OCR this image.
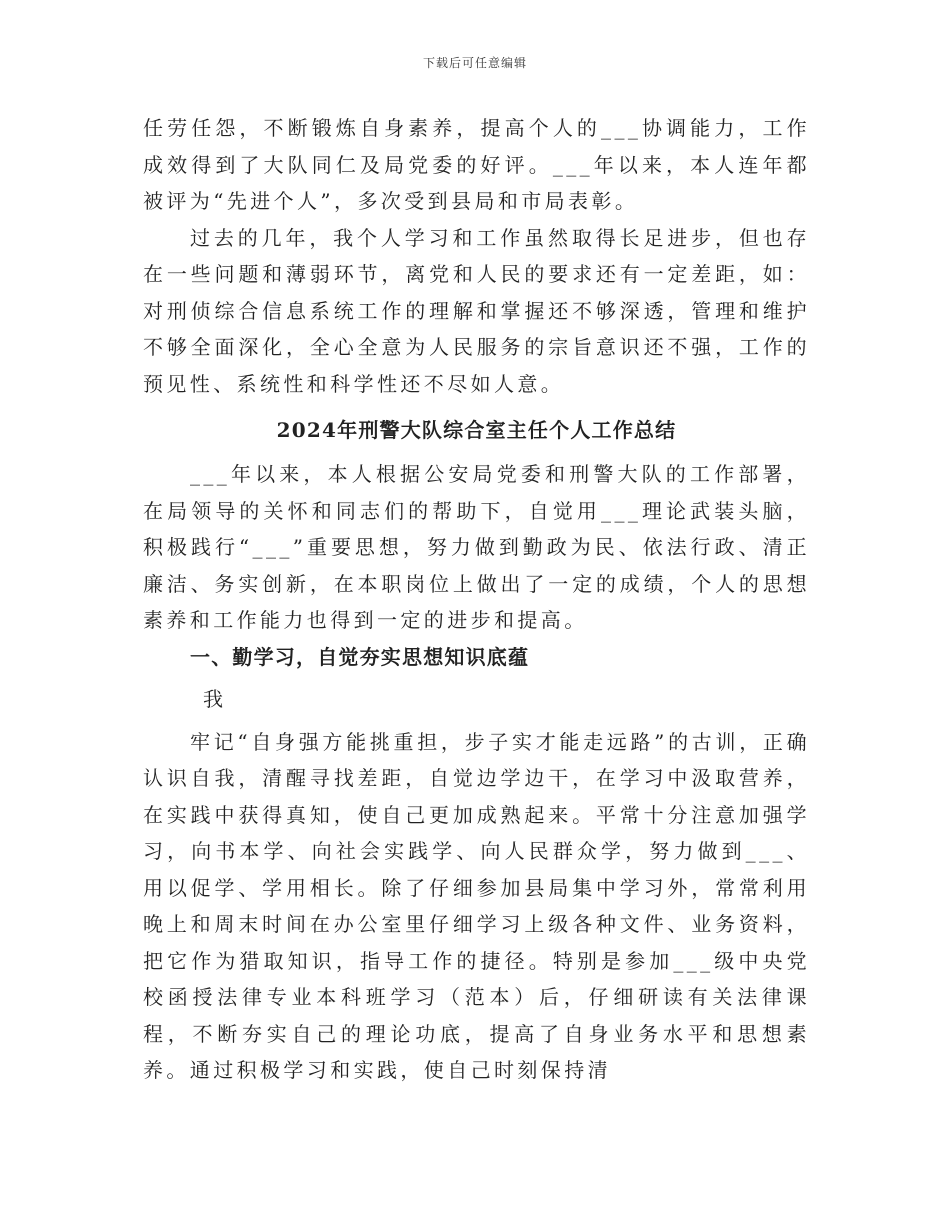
下载后可任意编辑

任劳任怨，不断锻炼自身素养，提高个人的___协调能力，工作成效得到了大队同仁及局党委的好评。___年以来，本人连年都被评为“先进个人”，多次受到县局和市局表彰。

过去的几年，我个人学习和工作虽然取得长足进步，但也存在一些问题和薄弱环节，离党和人民的要求还有一定差距，如：对刑侦综合信息系统工作的理解和掌握还不够深透，管理和维护不够全面深化，全心全意为人民服务的宗旨意识还不强，工作的预见性、系统性和科学性还不尽如人意。

2024年刑警大队综合室主任个人工作总结

___年以来，本人根据公安局党委和刑警大队的工作部署，在局领导的关怀和同志们的帮助下，自觉用___理论武装头脑，积极践行“___”重要思想，努力做到勤政为民、依法行政、清正廉洁、务实创新，在本职岗位上做出了一定的成绩，个人的思想素养和工作能力也得到一定的进步和提高。

一、勤学习，自觉夯实思想知识底蕴

我

牢记“自身强方能挑重担，步子实才能走远路”的古训，正确认识自我，清醒寻找差距，自觉边学边干，在学习中汲取营养，在实践中获得真知，使自己更加成熟起来。平常十分注意加强学习，向书本学、向社会实践学、向人民群众学，努力做到___、用以促学、学用相长。除了仔细参加县局集中学习外，常常利用晚上和周末时间在办公室里仔细学习上级各种文件、业务资料，把它作为猎取知识，指导工作的捷径。特别是参加___级中央党校函授法律专业本科班学习（范本）后，仔细研读有关法律课程，不断夯实自己的理论功底，提高了自身业务水平和思想素养。通过积极学习和实践，使自己时刻保持清
